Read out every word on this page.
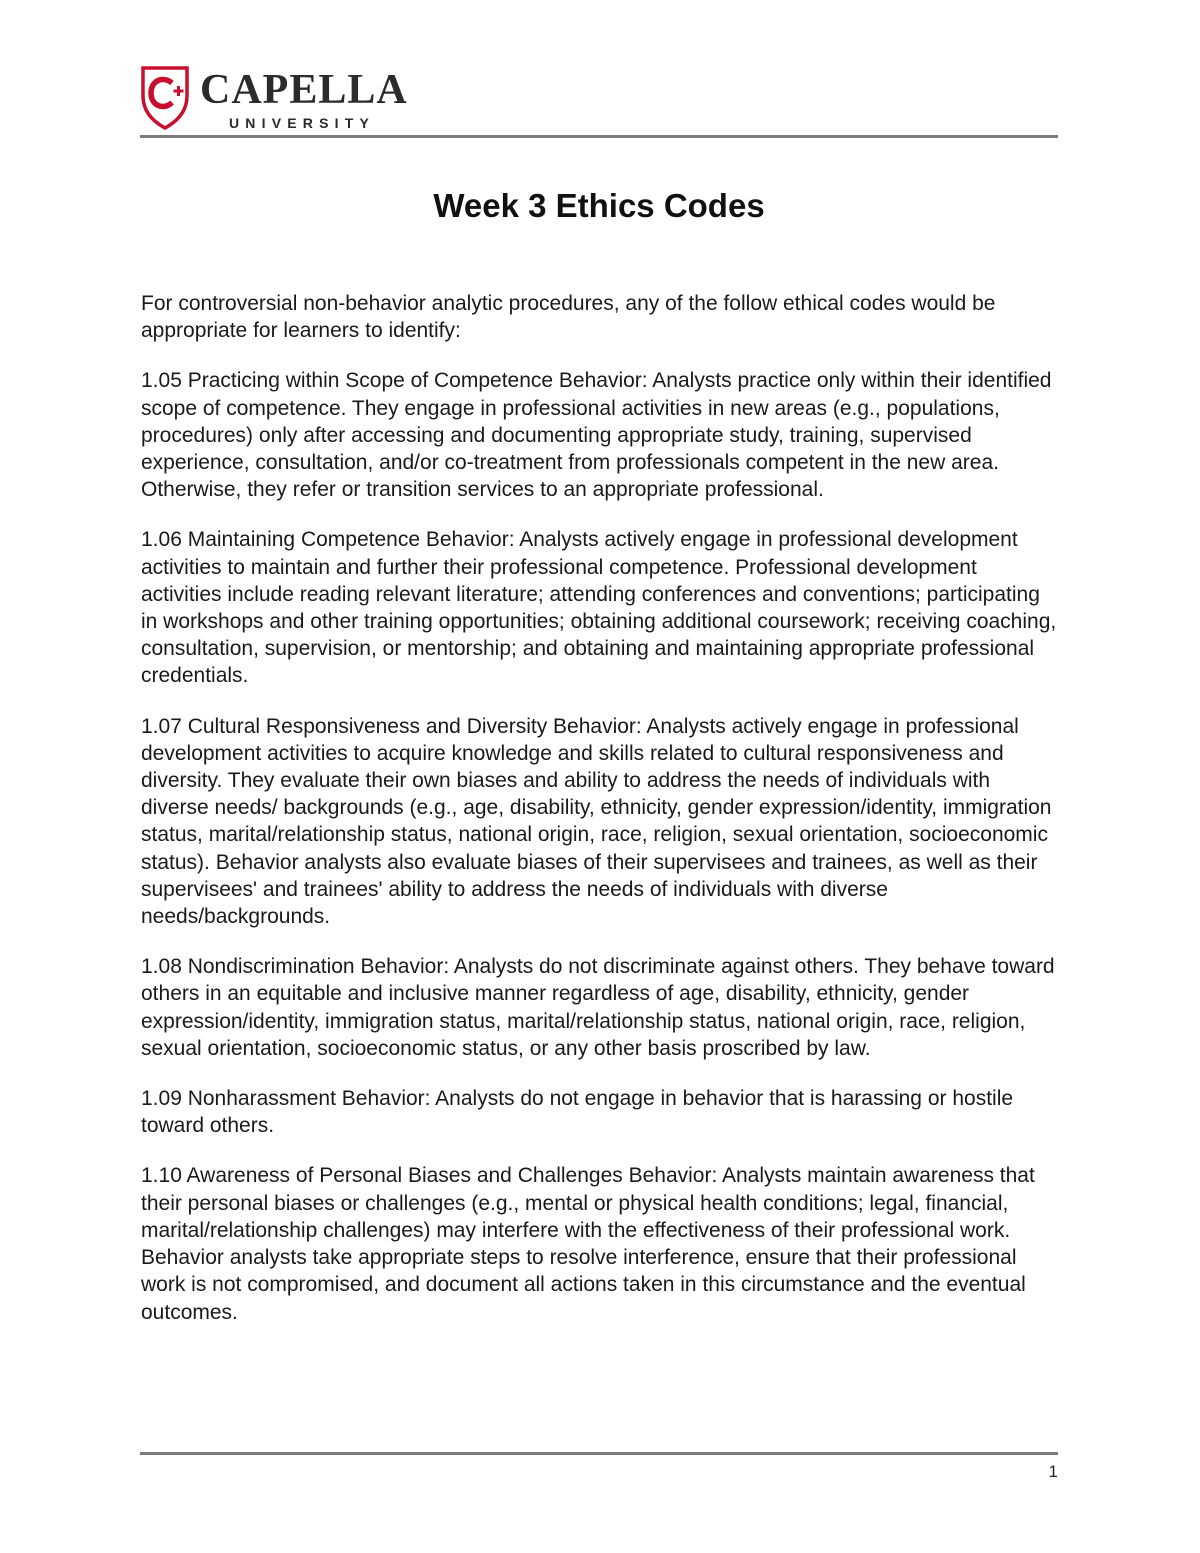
CAPELLA
UNIVERSITY
Week 3 Ethics Codes

For controversial non-behavior analytic procedures, any of the follow ethical codes would be appropriate for learners to identify:

1.05 Practicing within Scope of Competence Behavior: Analysts practice only within their identified scope of competence. They engage in professional activities in new areas (e.g., populations, procedures) only after accessing and documenting appropriate study, training, supervised experience, consultation, and/or co-treatment from professionals competent in the new area. Otherwise, they refer or transition services to an appropriate professional.

1.06 Maintaining Competence Behavior: Analysts actively engage in professional development activities to maintain and further their professional competence. Professional development activities include reading relevant literature; attending conferences and conventions; participating in workshops and other training opportunities; obtaining additional coursework; receiving coaching, consultation, supervision, or mentorship; and obtaining and maintaining appropriate professional credentials.

1.07 Cultural Responsiveness and Diversity Behavior: Analysts actively engage in professional development activities to acquire knowledge and skills related to cultural responsiveness and diversity. They evaluate their own biases and ability to address the needs of individuals with diverse needs/ backgrounds (e.g., age, disability, ethnicity, gender expression/identity, immigration status, marital/relationship status, national origin, race, religion, sexual orientation, socioeconomic status). Behavior analysts also evaluate biases of their supervisees and trainees, as well as their supervisees' and trainees' ability to address the needs of individuals with diverse needs/backgrounds.

1.08 Nondiscrimination Behavior: Analysts do not discriminate against others. They behave toward others in an equitable and inclusive manner regardless of age, disability, ethnicity, gender expression/identity, immigration status, marital/relationship status, national origin, race, religion, sexual orientation, socioeconomic status, or any other basis proscribed by law.

1.09 Nonharassment Behavior: Analysts do not engage in behavior that is harassing or hostile toward others.

1.10 Awareness of Personal Biases and Challenges Behavior: Analysts maintain awareness that their personal biases or challenges (e.g., mental or physical health conditions; legal, financial, marital/relationship challenges) may interfere with the effectiveness of their professional work. Behavior analysts take appropriate steps to resolve interference, ensure that their professional work is not compromised, and document all actions taken in this circumstance and the eventual outcomes.

1
